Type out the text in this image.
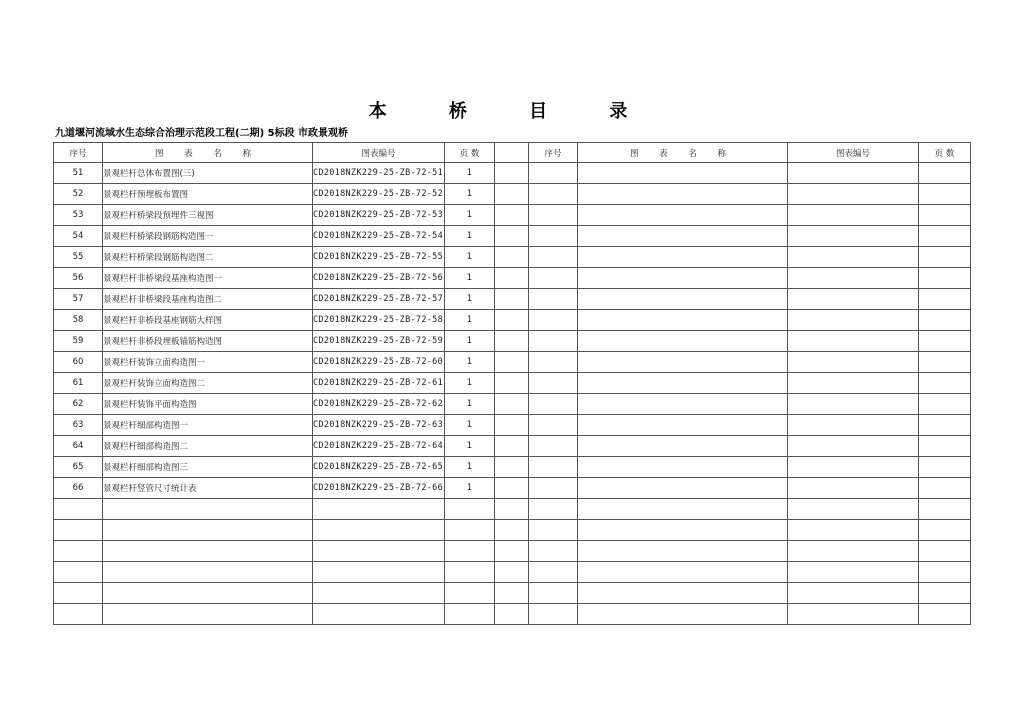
本 桥 目 录
九道堰河流域水生态综合治理示范段工程(二期) 5标段 市政景观桥
序号	图 表 名 称	图表编号	页 数		序号	图 表 名 称	图表编号	页 数
51	景观栏杆总体布置图(三)	CD2018NZK229-25-ZB-72-51	1					
52	景观栏杆预埋板布置图	CD2018NZK229-25-ZB-72-52	1					
53	景观栏杆桥梁段预埋件三视图	CD2018NZK229-25-ZB-72-53	1					
54	景观栏杆桥梁段钢筋构造图一	CD2018NZK229-25-ZB-72-54	1					
55	景观栏杆桥梁段钢筋构造图二	CD2018NZK229-25-ZB-72-55	1					
56	景观栏杆非桥梁段基座构造图一	CD2018NZK229-25-ZB-72-56	1					
57	景观栏杆非桥梁段基座构造图二	CD2018NZK229-25-ZB-72-57	1					
58	景观栏杆非桥段基座钢筋大样图	CD2018NZK229-25-ZB-72-58	1					
59	景观栏杆非桥段埋板锚筋构造图	CD2018NZK229-25-ZB-72-59	1					
60	景观栏杆装饰立面构造图一	CD2018NZK229-25-ZB-72-60	1					
61	景观栏杆装饰立面构造图二	CD2018NZK229-25-ZB-72-61	1					
62	景观栏杆装饰平面构造图	CD2018NZK229-25-ZB-72-62	1					
63	景观栏杆细部构造图一	CD2018NZK229-25-ZB-72-63	1					
64	景观栏杆细部构造图二	CD2018NZK229-25-ZB-72-64	1					
65	景观栏杆细部构造图三	CD2018NZK229-25-ZB-72-65	1					
66	景观栏杆竖管尺寸统计表	CD2018NZK229-25-ZB-72-66	1					
